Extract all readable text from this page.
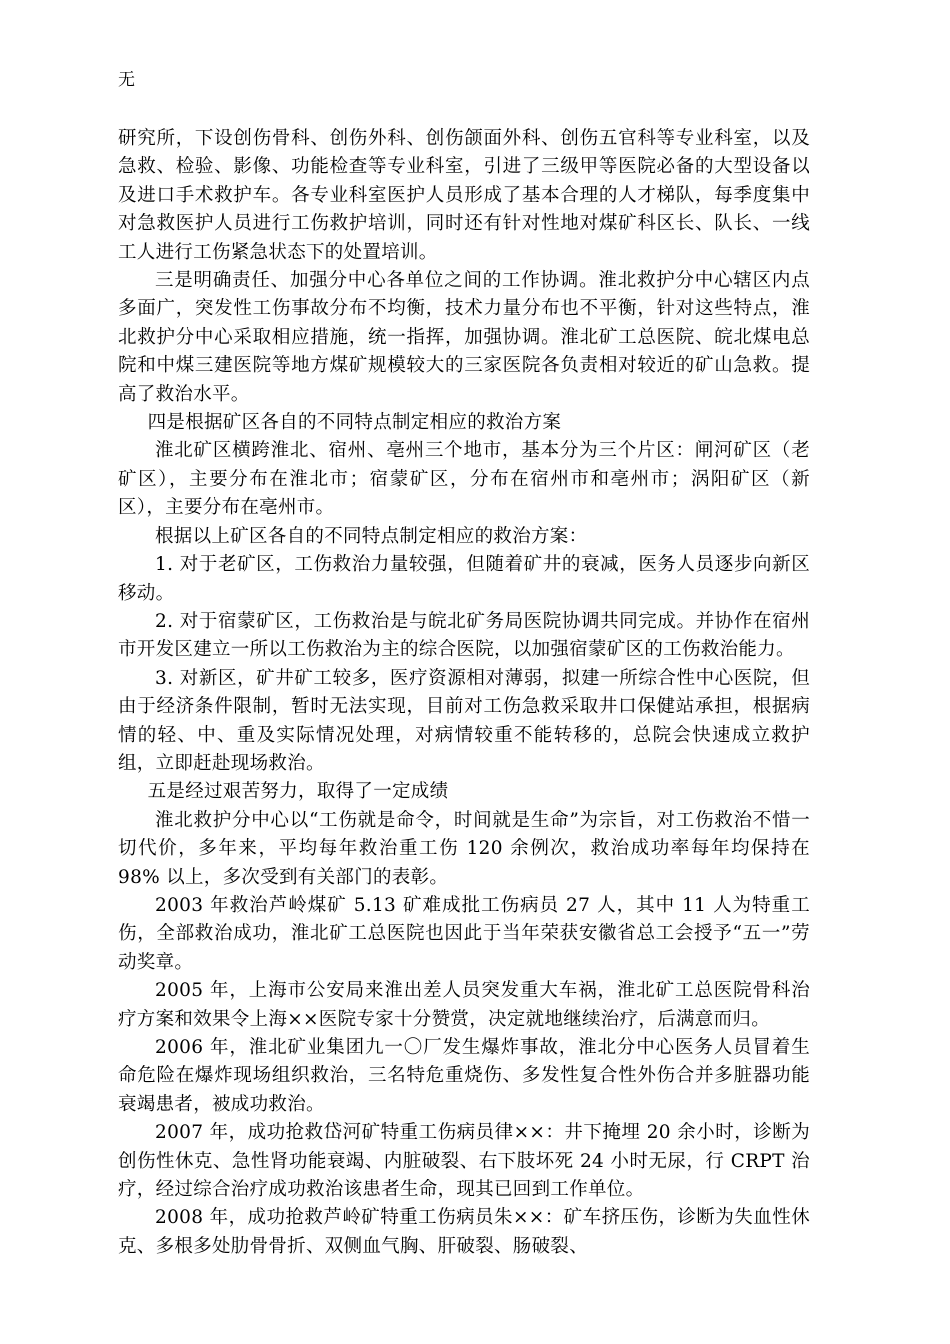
无

研究所，下设创伤骨科、创伤外科、创伤颌面外科、创伤五官科等专业科室，以及急救、检验、影像、功能检查等专业科室，引进了三级甲等医院必备的大型设备以及进口手术救护车。各专业科室医护人员形成了基本合理的人才梯队，每季度集中对急救医护人员进行工伤救护培训，同时还有针对性地对煤矿科区长、队长、一线工人进行工伤紧急状态下的处置培训。

三是明确责任、加强分中心各单位之间的工作协调。淮北救护分中心辖区内点多面广，突发性工伤事故分布不均衡，技术力量分布也不平衡，针对这些特点，淮北救护分中心采取相应措施，统一指挥，加强协调。淮北矿工总医院、皖北煤电总院和中煤三建医院等地方煤矿规模较大的三家医院各负责相对较近的矿山急救。提高了救治水平。

四是根据矿区各自的不同特点制定相应的救治方案

淮北矿区横跨淮北、宿州、亳州三个地市，基本分为三个片区：闸河矿区（老矿区），主要分布在淮北市；宿蒙矿区，分布在宿州市和亳州市；涡阳矿区（新区），主要分布在亳州市。

根据以上矿区各自的不同特点制定相应的救治方案：

1. 对于老矿区，工伤救治力量较强，但随着矿井的衰减，医务人员逐步向新区移动。

2. 对于宿蒙矿区，工伤救治是与皖北矿务局医院协调共同完成。并协作在宿州市开发区建立一所以工伤救治为主的综合医院，以加强宿蒙矿区的工伤救治能力。

3. 对新区，矿井矿工较多，医疗资源相对薄弱，拟建一所综合性中心医院，但由于经济条件限制，暂时无法实现，目前对工伤急救采取井口保健站承担，根据病情的轻、中、重及实际情况处理，对病情较重不能转移的，总院会快速成立救护组，立即赶赴现场救治。

五是经过艰苦努力，取得了一定成绩

淮北救护分中心以“工伤就是命令，时间就是生命”为宗旨，对工伤救治不惜一切代价，多年来，平均每年救治重工伤 120 余例次，救治成功率每年均保持在 98% 以上，多次受到有关部门的表彰。

2003 年救治芦岭煤矿 5.13 矿难成批工伤病员 27 人，其中 11 人为特重工伤，全部救治成功，淮北矿工总医院也因此于当年荣获安徽省总工会授予“五一”劳动奖章。

2005 年，上海市公安局来淮出差人员突发重大车祸，淮北矿工总医院骨科治疗方案和效果令上海××医院专家十分赞赏，决定就地继续治疗，后满意而归。

2006 年，淮北矿业集团九一〇厂发生爆炸事故，淮北分中心医务人员冒着生命危险在爆炸现场组织救治，三名特危重烧伤、多发性复合性外伤合并多脏器功能衰竭患者，被成功救治。

2007 年，成功抢救岱河矿特重工伤病员律××：井下掩埋 20 余小时，诊断为创伤性休克、急性肾功能衰竭、内脏破裂、右下肢坏死 24 小时无尿，行 CRPT 治疗，经过综合治疗成功救治该患者生命，现其已回到工作单位。

2008 年，成功抢救芦岭矿特重工伤病员朱××：矿车挤压伤，诊断为失血性休克、多根多处肋骨骨折、双侧血气胸、肝破裂、肠破裂、
